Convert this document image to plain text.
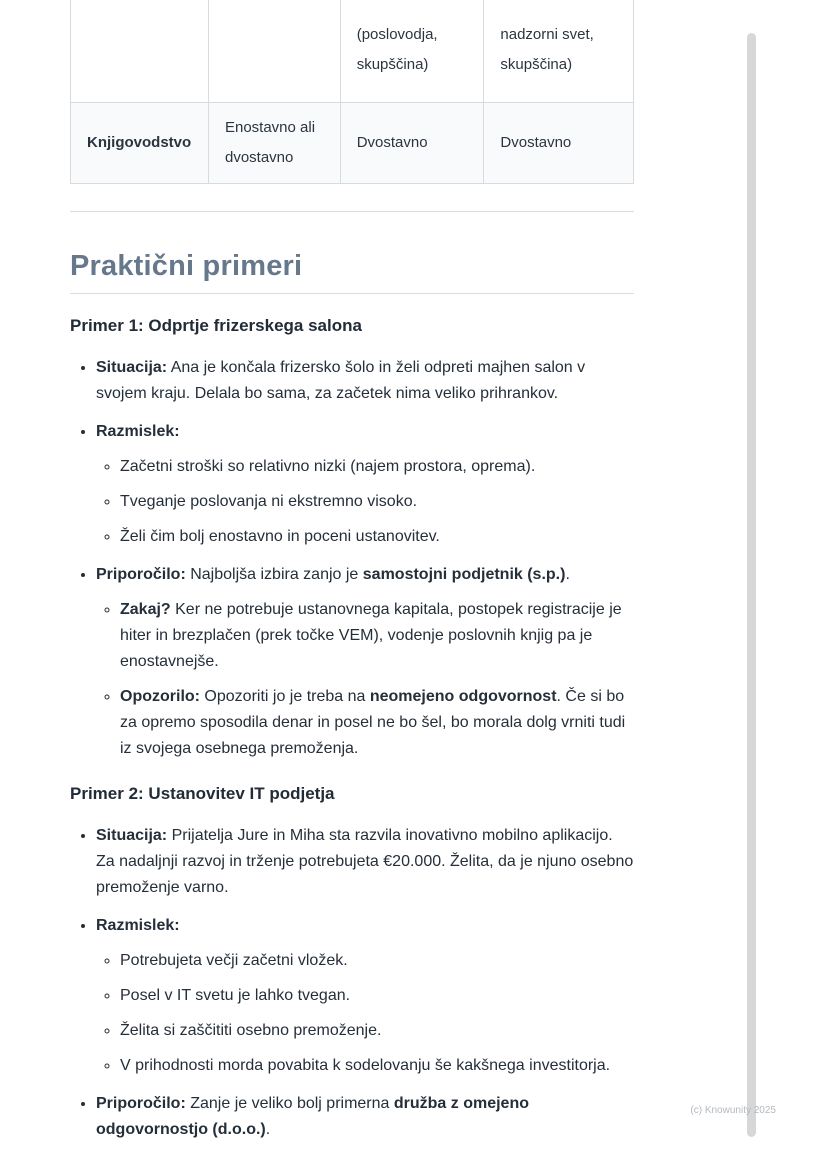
		(poslovodja, skupščina)	nadzorni svet, skupščina)
Knjigovodstvo	Enostavno ali dvostavno	Dvostavno	Dvostavno
Praktični primeri
Primer 1: Odprtje frizerskega salona
• Situacija: Ana je končala frizersko šolo in želi odpreti majhen salon v svojem kraju. Delala bo sama, za začetek nima veliko prihrankov.
• Razmislek:
◦ Začetni stroški so relativno nizki (najem prostora, oprema).
◦ Tveganje poslovanja ni ekstremno visoko.
◦ Želi čim bolj enostavno in poceni ustanovitev.
• Priporočilo: Najboljša izbira zanjo je samostojni podjetnik (s.p.).
◦ Zakaj? Ker ne potrebuje ustanovnega kapitala, postopek registracije je hiter in brezplačen (prek točke VEM), vodenje poslovnih knjig pa je enostavnejše.
◦ Opozorilo: Opozoriti jo je treba na neomejeno odgovornost. Če si bo za opremo sposodila denar in posel ne bo šel, bo morala dolg vrniti tudi iz svojega osebnega premoženja.
Primer 2: Ustanovitev IT podjetja
• Situacija: Prijatelja Jure in Miha sta razvila inovativno mobilno aplikacijo. Za nadaljnji razvoj in trženje potrebujeta €20.000. Želita, da je njuno osebno premoženje varno.
• Razmislek:
◦ Potrebujeta večji začetni vložek.
◦ Posel v IT svetu je lahko tvegan.
◦ Želita si zaščititi osebno premoženje.
◦ V prihodnosti morda povabita k sodelovanju še kakšnega investitorja.
• Priporočilo: Zanje je veliko bolj primerna družba z omejeno odgovornostjo (d.o.o.).
(c) Knowunity 2025
